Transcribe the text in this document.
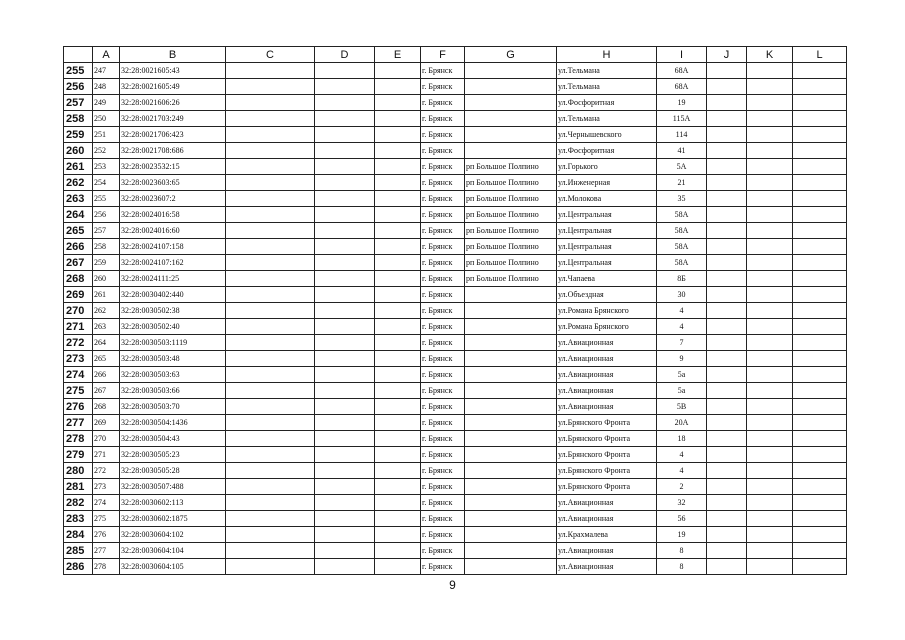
	A	B	C	D	E	F	G	H	I	J	K	L
255	247	32:28:0021605:43				г. Брянск		ул.Тельмана	68А			
256	248	32:28:0021605:49				г. Брянск		ул.Тельмана	68А			
257	249	32:28:0021606:26				г. Брянск		ул.Фосфоритная	19			
258	250	32:28:0021703:249				г. Брянск		ул.Тельмана	115А			
259	251	32:28:0021706:423				г. Брянск		ул.Чернышевского	114			
260	252	32:28:0021708:686				г. Брянск		ул.Фосфоритная	41			
261	253	32:28:0023532:15				г. Брянск	рп Большое Полпино	ул.Горького	5А			
262	254	32:28:0023603:65				г. Брянск	рп Большое Полпино	ул.Инженерная	21			
263	255	32:28:0023607:2				г. Брянск	рп Большое Полпино	ул.Молокова	35			
264	256	32:28:0024016:58				г. Брянск	рп Большое Полпино	ул.Центральная	58А			
265	257	32:28:0024016:60				г. Брянск	рп Большое Полпино	ул.Центральная	58А			
266	258	32:28:0024107:158				г. Брянск	рп Большое Полпино	ул.Центральная	58А			
267	259	32:28:0024107:162				г. Брянск	рп Большое Полпино	ул.Центральная	58А			
268	260	32:28:0024111:25				г. Брянск	рп Большое Полпино	ул.Чапаева	8Б			
269	261	32:28:0030402:440				г. Брянск		ул.Объездная	30			
270	262	32:28:0030502:38				г. Брянск		ул.Романа Брянского	4			
271	263	32:28:0030502:40				г. Брянск		ул.Романа Брянского	4			
272	264	32:28:0030503:1119				г. Брянск		ул.Авиационная	7			
273	265	32:28:0030503:48				г. Брянск		ул.Авиационная	9			
274	266	32:28:0030503:63				г. Брянск		ул.Авиационная	5а			
275	267	32:28:0030503:66				г. Брянск		ул.Авиационная	5а			
276	268	32:28:0030503:70				г. Брянск		ул.Авиационная	5В			
277	269	32:28:0030504:1436				г. Брянск		ул.Брянского Фронта	20А			
278	270	32:28:0030504:43				г. Брянск		ул.Брянского Фронта	18			
279	271	32:28:0030505:23				г. Брянск		ул.Брянского Фронта	4			
280	272	32:28:0030505:28				г. Брянск		ул.Брянского Фронта	4			
281	273	32:28:0030507:488				г. Брянск		ул.Брянского Фронта	2			
282	274	32:28:0030602:113				г. Брянск		ул.Авиационная	32			
283	275	32:28:0030602:1875				г. Брянск		ул.Авиационная	56			
284	276	32:28:0030604:102				г. Брянск		ул.Крахмалева	19			
285	277	32:28:0030604:104				г. Брянск		ул.Авиационная	8			
286	278	32:28:0030604:105				г. Брянск		ул.Авиационная	8			
9
